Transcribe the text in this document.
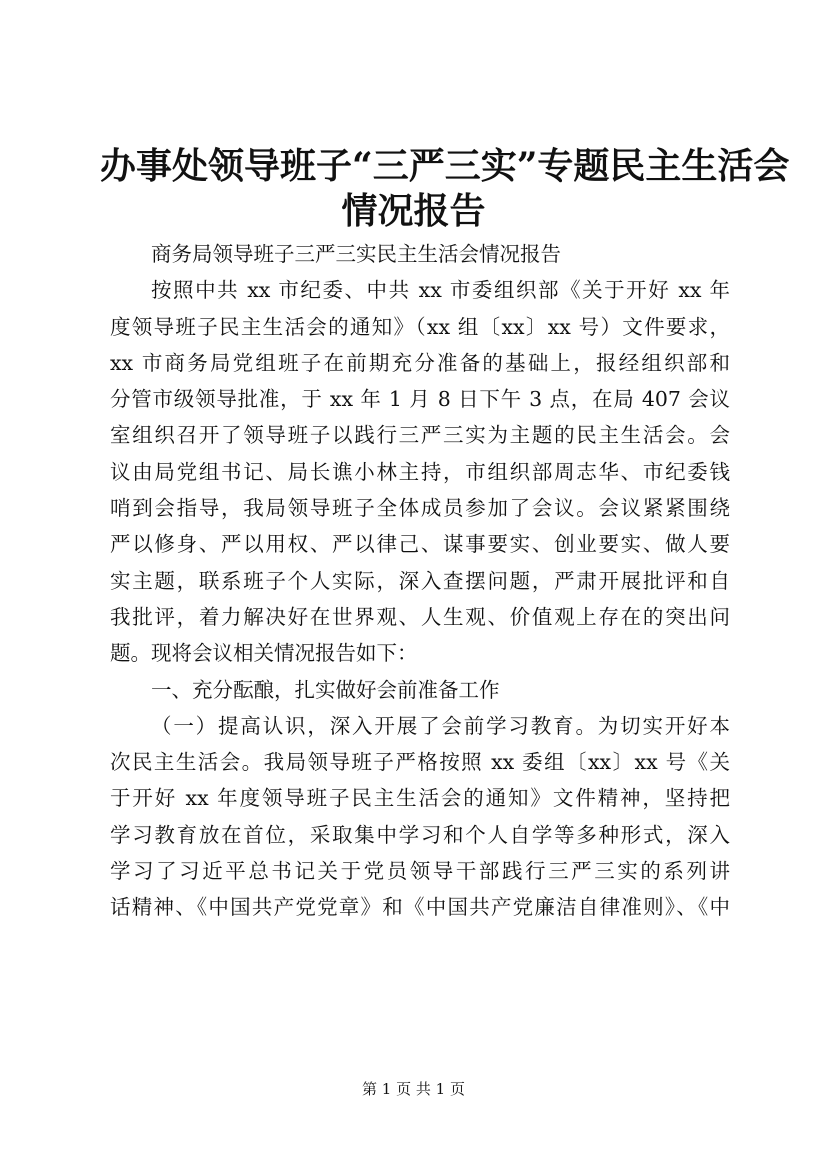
办事处领导班子“三严三实”专题民主生活会
情况报告
商务局领导班子三严三实民主生活会情况报告
按照中共 xx 市纪委、中共 xx 市委组织部《关于开好 xx 年
度领导班子民主生活会的通知》（xx 组〔xx〕xx 号）文件要求，
xx 市商务局党组班子在前期充分准备的基础上，报经组织部和
分管市级领导批准，于 xx 年 1 月 8 日下午 3 点，在局 407 会议
室组织召开了领导班子以践行三严三实为主题的民主生活会。会
议由局党组书记、局长谯小林主持，市组织部周志华、市纪委钱
哨到会指导，我局领导班子全体成员参加了会议。会议紧紧围绕
严以修身、严以用权、严以律己、谋事要实、创业要实、做人要
实主题，联系班子个人实际，深入查摆问题，严肃开展批评和自
我批评，着力解决好在世界观、人生观、价值观上存在的突出问
题。现将会议相关情况报告如下：
一、充分酝酿，扎实做好会前准备工作
（一）提高认识，深入开展了会前学习教育。为切实开好本
次民主生活会。我局领导班子严格按照 xx 委组〔xx〕xx 号《关
于开好 xx 年度领导班子民主生活会的通知》文件精神，坚持把
学习教育放在首位，采取集中学习和个人自学等多种形式，深入
学习了习近平总书记关于党员领导干部践行三严三实的系列讲
话精神、《中国共产党党章》和《中国共产党廉洁自律准则》、《中
第 1 页 共 1 页
